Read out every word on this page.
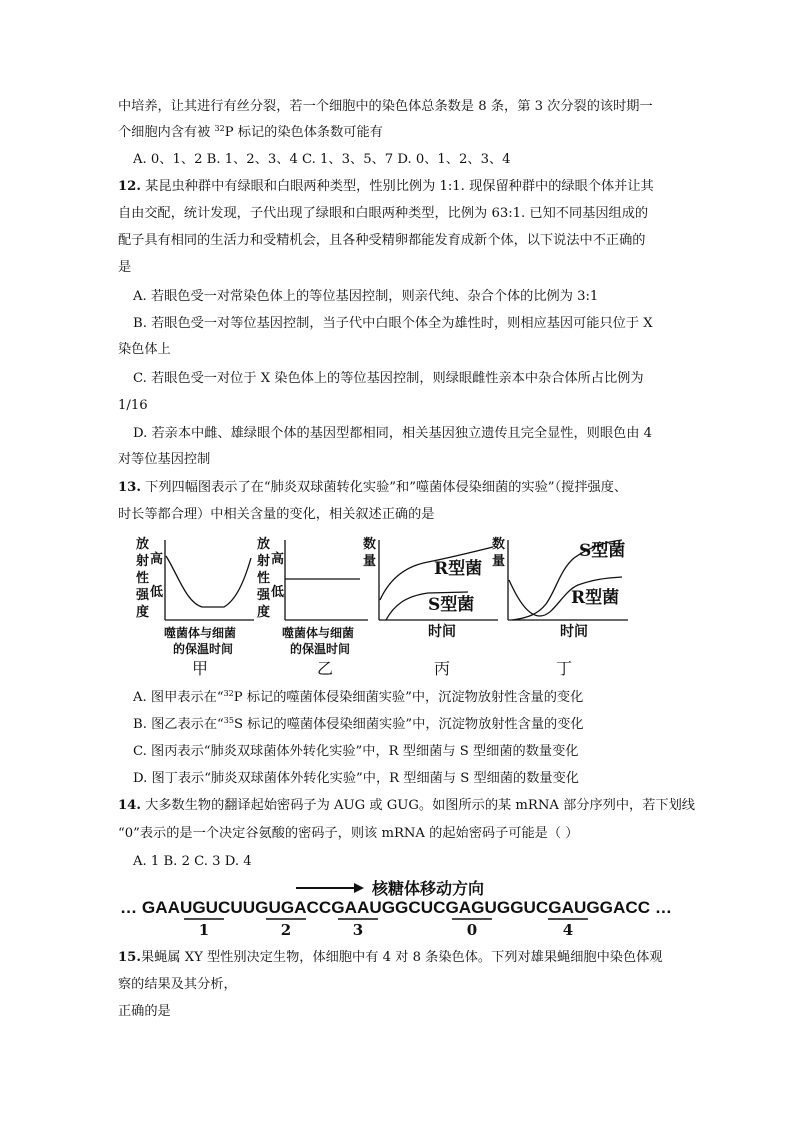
中培养，让其进行有丝分裂，若一个细胞中的染色体总条数是 8 条，第 3 次分裂的该时期一
个细胞内含有被 $^{32}$P 标记的染色体条数可能有
A. 0、1、2 B. 1、2、3、4 C. 1、3、5、7 D. 0、1、2、3、4
12. 某昆虫种群中有绿眼和白眼两种类型，性别比例为 1:1. 现保留种群中的绿眼个体并让其
自由交配，统计发现，子代出现了绿眼和白眼两种类型，比例为 63:1. 已知不同基因组成的
配子具有相同的生活力和受精机会，且各种受精卵都能发育成新个体，以下说法中不正确的
是
A. 若眼色受一对常染色体上的等位基因控制，则亲代纯、杂合个体的比例为 3:1
B. 若眼色受一对等位基因控制，当子代中白眼个体全为雄性时，则相应基因可能只位于 X
染色体上
C. 若眼色受一对位于 X 染色体上的等位基因控制，则绿眼雌性亲本中杂合体所占比例为
1/16
D. 若亲本中雌、雄绿眼个体的基因型都相同，相关基因独立遗传且完全显性，则眼色由 4
对等位基因控制
13. 下列四幅图表示了在“肺炎双球菌转化实验”和”噬菌体侵染细菌的实验”（搅拌强度、
时长等都合理）中相关含量的变化，相关叙述正确的是
放
射
性
强
度
高
低
噬菌体与细菌
的保温时间
甲
放
射
性
强
度
高
低
噬菌体与细菌
的保温时间
乙
数
量	R型菌
S型菌
时间
丙
数
量
S型菌
R型菌
时间
丁
A. 图甲表示在“$^{32}$P 标记的噬菌体侵染细菌实验”中，沉淀物放射性含量的变化
B. 图乙表示在“$^{35}$S 标记的噬菌体侵染细菌实验”中，沉淀物放射性含量的变化
C. 图丙表示“肺炎双球菌体外转化实验”中，R 型细菌与 S 型细菌的数量变化
D. 图丁表示“肺炎双球菌体外转化实验”中，R 型细菌与 S 型细菌的数量变化
14. 大多数生物的翻译起始密码子为 AUG 或 GUG。如图所示的某 mRNA 部分序列中，若下划线
“0”表示的是一个决定谷氨酸的密码子，则该 mRNA 的起始密码子可能是（ ）
A. 1 B. 2 C. 3 D. 4
核糖体移动方向
… GAAUGUCUUGUGACCGAAUGGCUCGAGUGGUCGAUGGACC …
1	2	3	0	4
15.果蝇属 XY 型性别决定生物，体细胞中有 4 对 8 条染色体。下列对雄果蝇细胞中染色体观
察的结果及其分析，
正确的是
